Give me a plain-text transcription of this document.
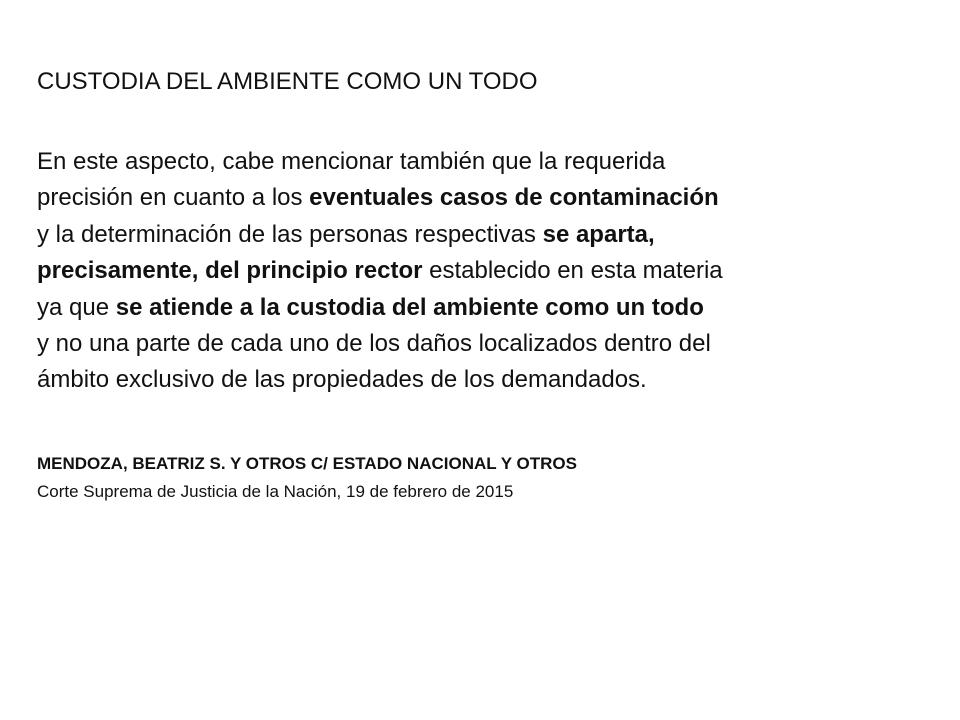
CUSTODIA DEL AMBIENTE COMO UN TODO

En este aspecto, cabe mencionar también que la requerida
precisión en cuanto a los eventuales casos de contaminación
y la determinación de las personas respectivas se aparta,
precisamente, del principio rector establecido en esta materia
ya que se atiende a la custodia del ambiente como un todo
y no una parte de cada uno de los daños localizados dentro del
ámbito exclusivo de las propiedades de los demandados.

MENDOZA, BEATRIZ S. Y OTROS C/ ESTADO NACIONAL Y OTROS
Corte Suprema de Justicia de la Nación, 19 de febrero de 2015
